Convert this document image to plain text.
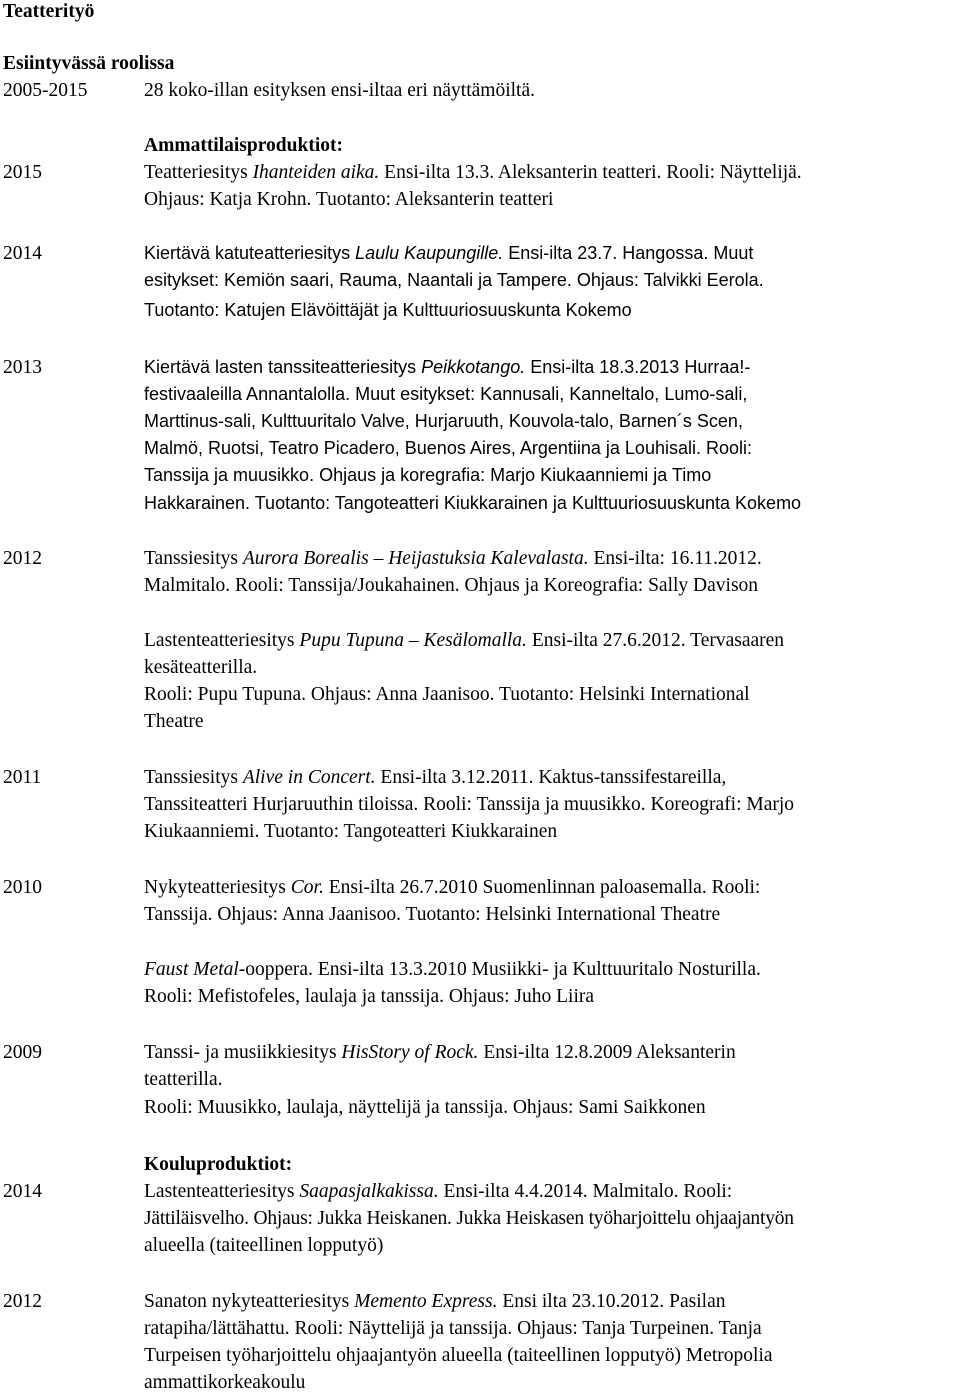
Teatterityö
Esiintyvässä roolissa
2005-2015	28 koko-illan esityksen ensi-iltaa eri näyttämöiltä.
Ammattilaisproduktiot:
2015	Teatteriesitys Ihanteiden aika. Ensi-ilta 13.3. Aleksanterin teatteri. Rooli: Näyttelijä.
Ohjaus: Katja Krohn. Tuotanto: Aleksanterin teatteri
2014	Kiertävä katuteatteriesitys Laulu Kaupungille. Ensi-ilta 23.7. Hangossa. Muut
esitykset: Kemiön saari, Rauma, Naantali ja Tampere. Ohjaus: Talvikki Eerola.
Tuotanto: Katujen Elävöittäjät ja Kulttuuriosuuskunta Kokemo
2013	Kiertävä lasten tanssiteatteriesitys Peikkotango. Ensi-ilta 18.3.2013 Hurraa!-
festivaaleilla Annantalolla. Muut esitykset: Kannusali, Kanneltalo, Lumo-sali,
Marttinus-sali, Kulttuuritalo Valve, Hurjaruuth, Kouvola-talo, Barnen´s Scen,
Malmö, Ruotsi, Teatro Picadero, Buenos Aires, Argentiina ja Louhisali. Rooli:
Tanssija ja muusikko. Ohjaus ja koregrafia: Marjo Kiukaanniemi ja Timo
Hakkarainen. Tuotanto: Tangoteatteri Kiukkarainen ja Kulttuuriosuuskunta Kokemo
2012	Tanssiesitys Aurora Borealis – Heijastuksia Kalevalasta. Ensi-ilta: 16.11.2012.
Malmitalo. Rooli: Tanssija/Joukahainen. Ohjaus ja Koreografia: Sally Davison
Lastenteatteriesitys Pupu Tupuna – Kesälomalla. Ensi-ilta 27.6.2012. Tervasaaren
kesäteatterilla.
Rooli: Pupu Tupuna. Ohjaus: Anna Jaanisoo. Tuotanto: Helsinki International
Theatre
2011	Tanssiesitys Alive in Concert. Ensi-ilta 3.12.2011. Kaktus-tanssifestareilla,
Tanssiteatteri Hurjaruuthin tiloissa. Rooli: Tanssija ja muusikko. Koreografi: Marjo
Kiukaanniemi. Tuotanto: Tangoteatteri Kiukkarainen
2010	Nykyteatteriesitys Cor. Ensi-ilta 26.7.2010 Suomenlinnan paloasemalla. Rooli:
Tanssija. Ohjaus: Anna Jaanisoo. Tuotanto: Helsinki International Theatre
Faust Metal-ooppera. Ensi-ilta 13.3.2010 Musiikki- ja Kulttuuritalo Nosturilla.
Rooli: Mefistofeles, laulaja ja tanssija. Ohjaus: Juho Liira
2009	Tanssi- ja musiikkiesitys HisStory of Rock. Ensi-ilta 12.8.2009 Aleksanterin
teatterilla.
Rooli: Muusikko, laulaja, näyttelijä ja tanssija. Ohjaus: Sami Saikkonen
Kouluproduktiot:
2014	Lastenteatteriesitys Saapasjalkakissa. Ensi-ilta 4.4.2014. Malmitalo. Rooli:
Jättiläisvelho. Ohjaus: Jukka Heiskanen. Jukka Heiskasen työharjoittelu ohjaajantyön
alueella (taiteellinen lopputyö)
2012	Sanaton nykyteatteriesitys Memento Express. Ensi ilta 23.10.2012. Pasilan
ratapiha/lättähattu. Rooli: Näyttelijä ja tanssija. Ohjaus: Tanja Turpeinen. Tanja
Turpeisen työharjoittelu ohjaajantyön alueella (taiteellinen lopputyö) Metropolia
ammattikorkeakoulu
